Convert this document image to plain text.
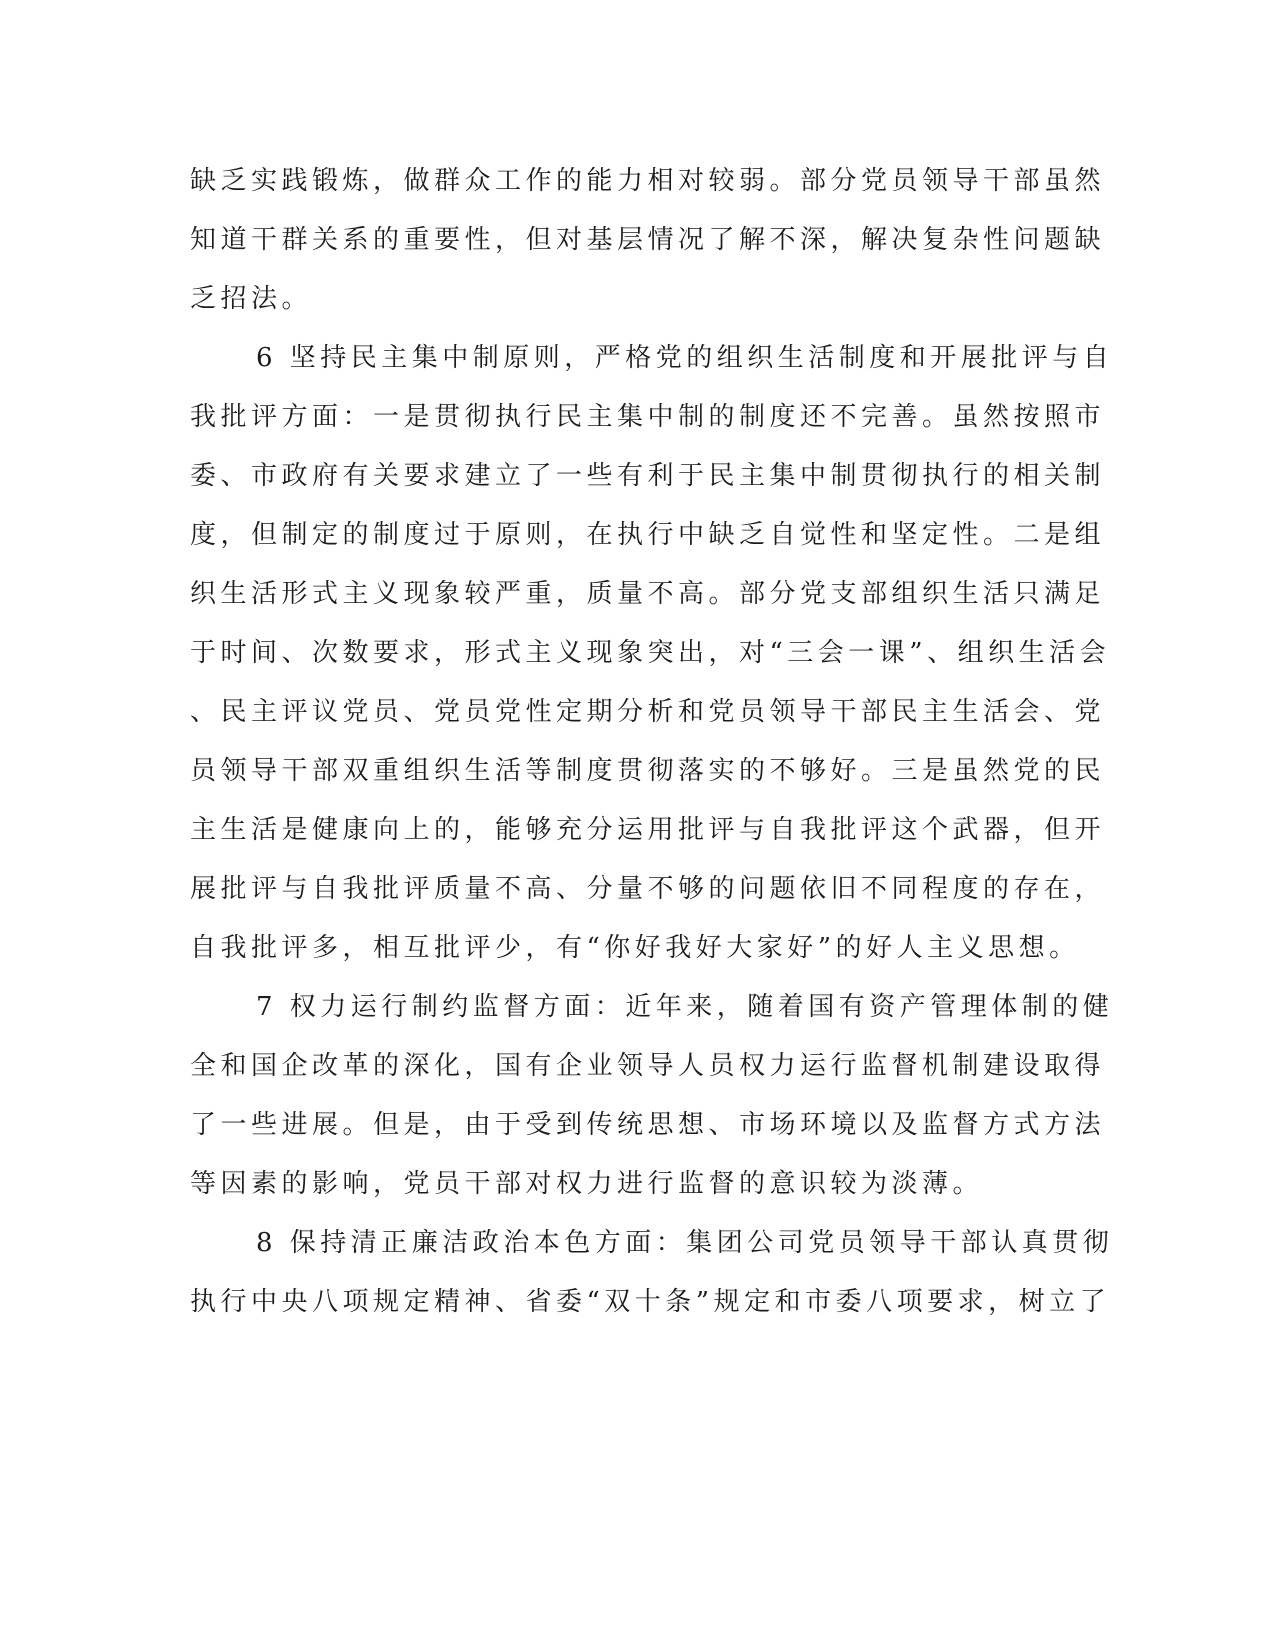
缺乏实践锻炼，做群众工作的能力相对较弱。部分党员领导干部虽然
知道干群关系的重要性，但对基层情况了解不深，解决复杂性问题缺
乏招法。
6 坚持民主集中制原则，严格党的组织生活制度和开展批评与自
我批评方面：一是贯彻执行民主集中制的制度还不完善。虽然按照市
委、市政府有关要求建立了一些有利于民主集中制贯彻执行的相关制
度，但制定的制度过于原则，在执行中缺乏自觉性和坚定性。二是组
织生活形式主义现象较严重，质量不高。部分党支部组织生活只满足
于时间、次数要求，形式主义现象突出，对“三会一课”、组织生活会
、民主评议党员、党员党性定期分析和党员领导干部民主生活会、党
员领导干部双重组织生活等制度贯彻落实的不够好。三是虽然党的民
主生活是健康向上的，能够充分运用批评与自我批评这个武器，但开
展批评与自我批评质量不高、分量不够的问题依旧不同程度的存在，
自我批评多，相互批评少，有“你好我好大家好”的好人主义思想。
7 权力运行制约监督方面：近年来，随着国有资产管理体制的健
全和国企改革的深化，国有企业领导人员权力运行监督机制建设取得
了一些进展。但是，由于受到传统思想、市场环境以及监督方式方法
等因素的影响，党员干部对权力进行监督的意识较为淡薄。
8 保持清正廉洁政治本色方面：集团公司党员领导干部认真贯彻
执行中央八项规定精神、省委“双十条”规定和市委八项要求，树立了
